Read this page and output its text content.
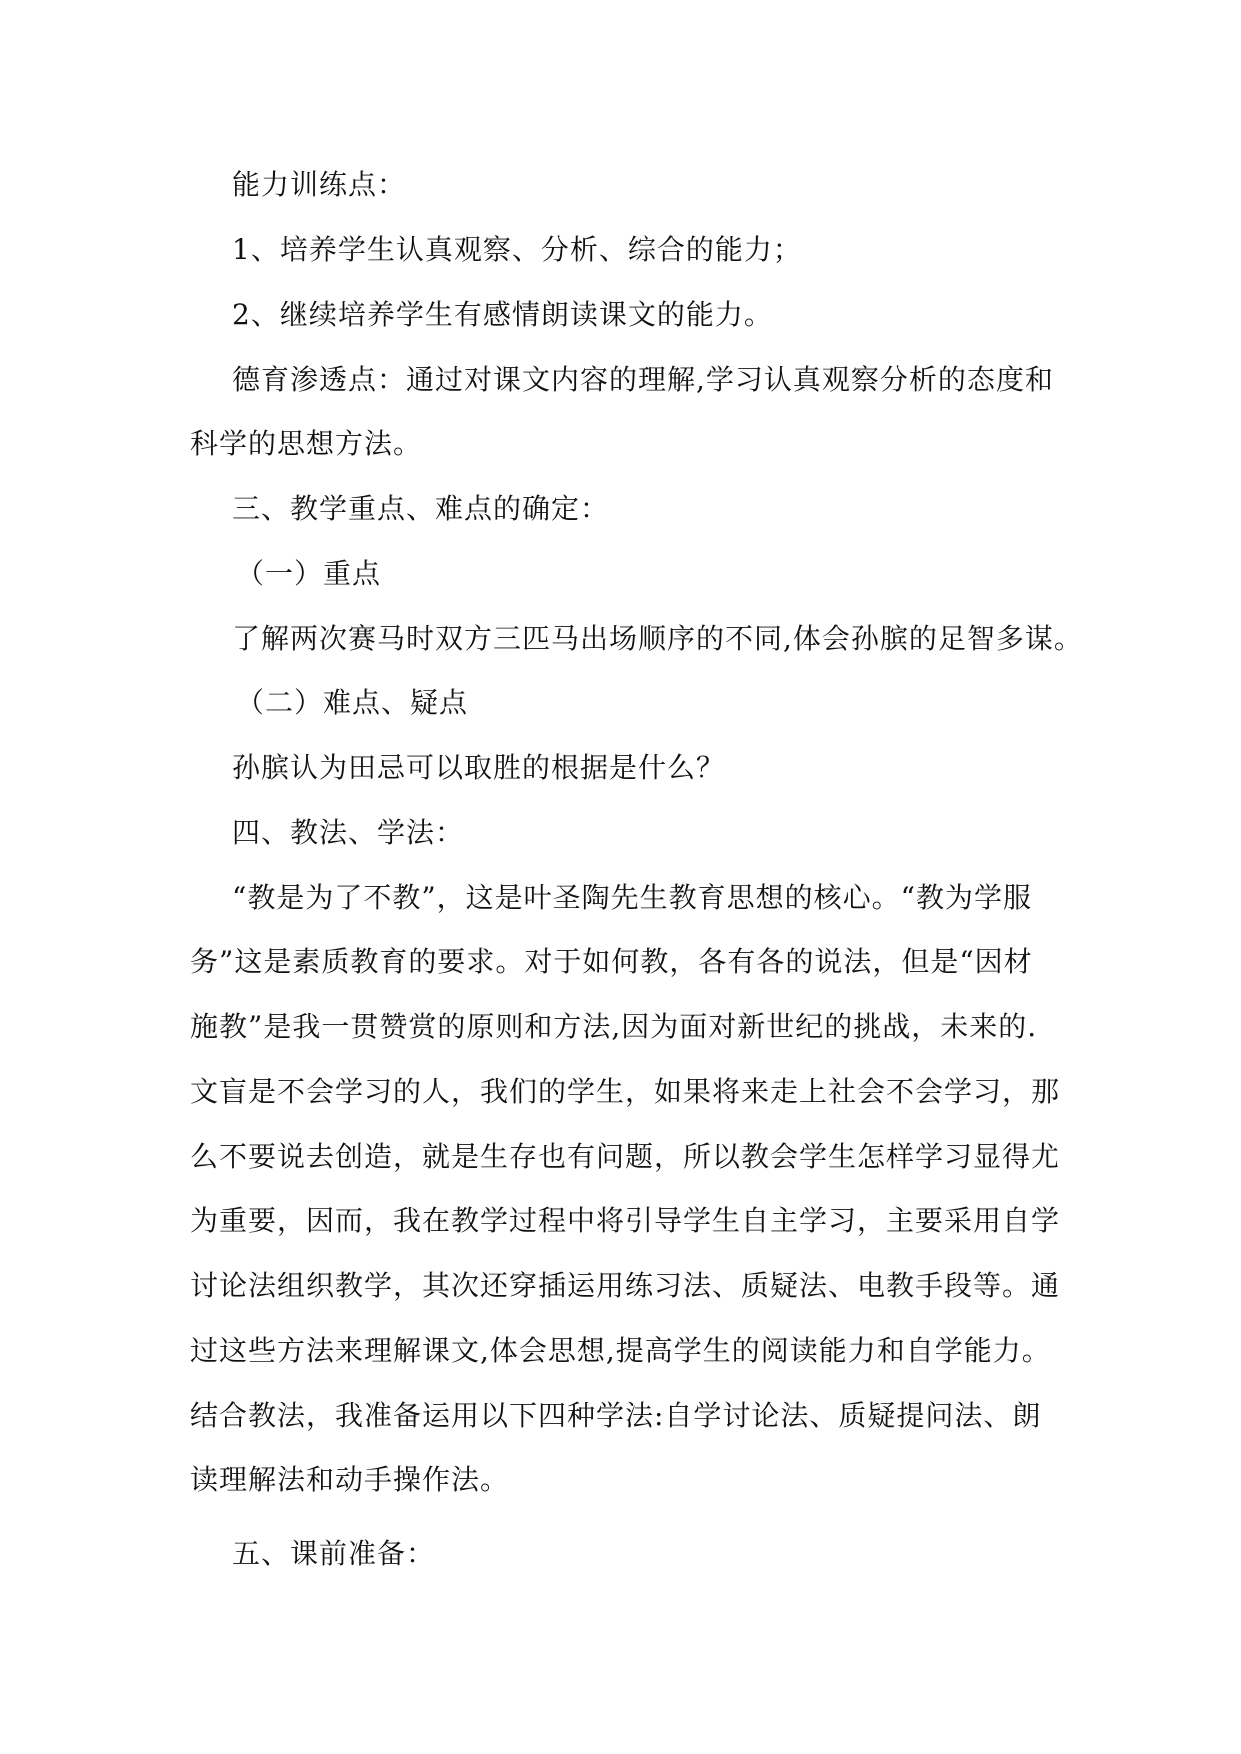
能力训练点：
1、培养学生认真观察、分析、综合的能力；
2、继续培养学生有感情朗读课文的能力。
德育渗透点：通过对课文内容的理解,学习认真观察分析的态度和
科学的思想方法。
三、教学重点、难点的确定：
（一）重点
了解两次赛马时双方三匹马出场顺序的不同,体会孙膑的足智多谋。
（二）难点、疑点
孙膑认为田忌可以取胜的根据是什么？
四、教法、学法：
“教是为了不教”，这是叶圣陶先生教育思想的核心。“教为学服
务”这是素质教育的要求。对于如何教，各有各的说法，但是“因材
施教”是我一贯赞赏的原则和方法,因为面对新世纪的挑战，未来的.
文盲是不会学习的人，我们的学生，如果将来走上社会不会学习，那
么不要说去创造，就是生存也有问题，所以教会学生怎样学习显得尤
为重要，因而，我在教学过程中将引导学生自主学习，主要采用自学
讨论法组织教学，其次还穿插运用练习法、质疑法、电教手段等。通
过这些方法来理解课文,体会思想,提高学生的阅读能力和自学能力。
结合教法，我准备运用以下四种学法:自学讨论法、质疑提问法、朗
读理解法和动手操作法。
五、课前准备：
